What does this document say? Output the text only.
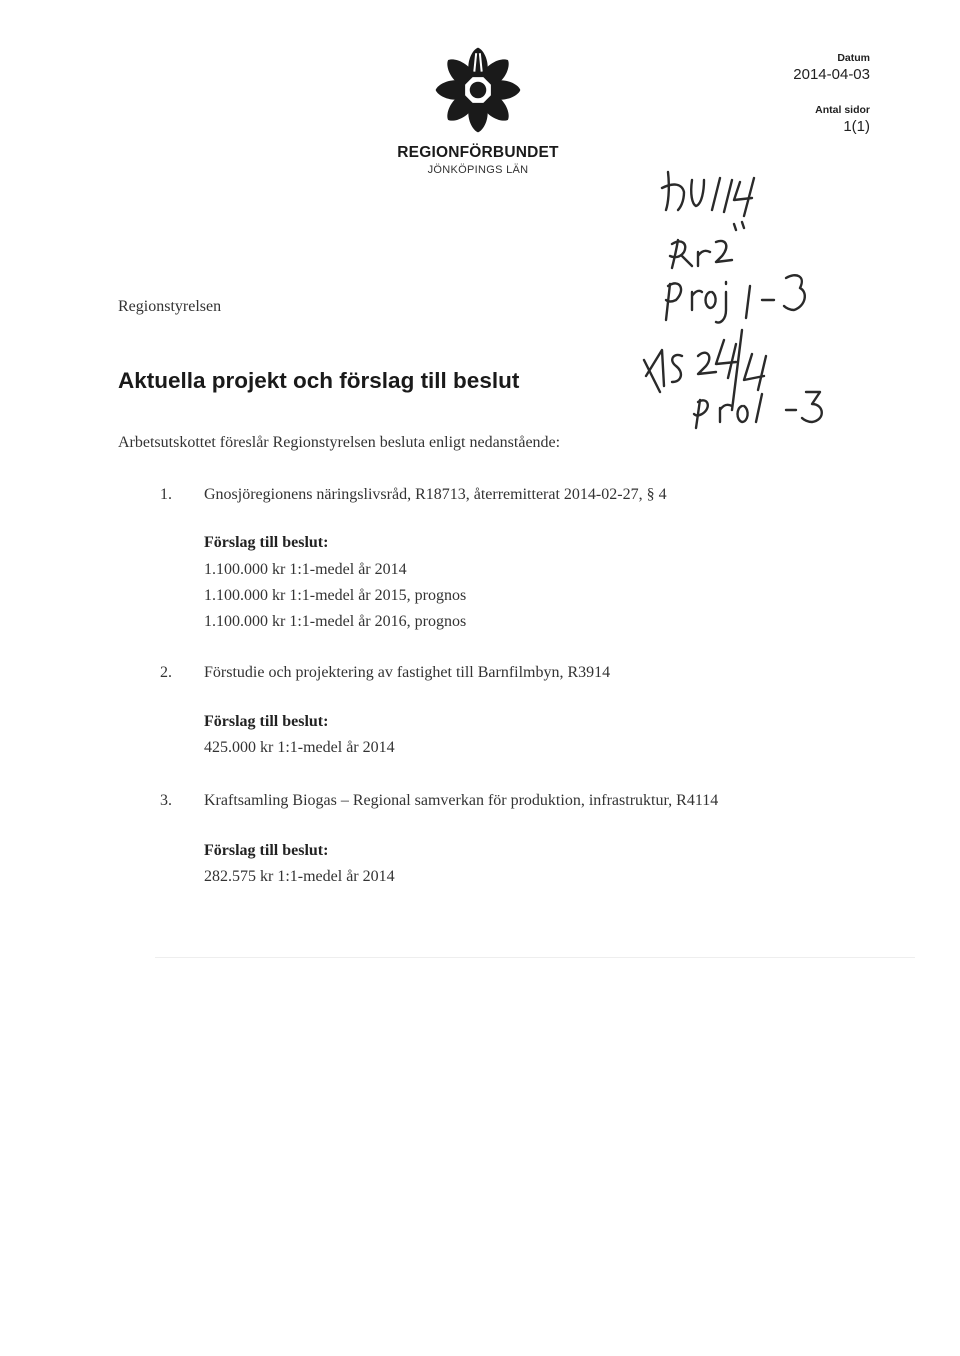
REGIONFÖRBUNDET
JÖNKÖPINGS LÄN
Datum
2014-04-03
Antal sidor
1(1)
Regionstyrelsen
Aktuella projekt och förslag till beslut
Arbetsutskottet föreslår Regionstyrelsen besluta enligt nedanstående:
1. Gnosjöregionens näringslivsråd, R18713, återremitterat 2014-02-27, § 4
Förslag till beslut:
1.100.000 kr 1:1-medel år 2014
1.100.000 kr 1:1-medel år 2015, prognos
1.100.000 kr 1:1-medel år 2016, prognos
2. Förstudie och projektering av fastighet till Barnfilmbyn, R3914
Förslag till beslut:
425.000 kr 1:1-medel år 2014
3. Kraftsamling Biogas – Regional samverkan för produktion, infrastruktur, R4114
Förslag till beslut:
282.575 kr 1:1-medel år 2014
